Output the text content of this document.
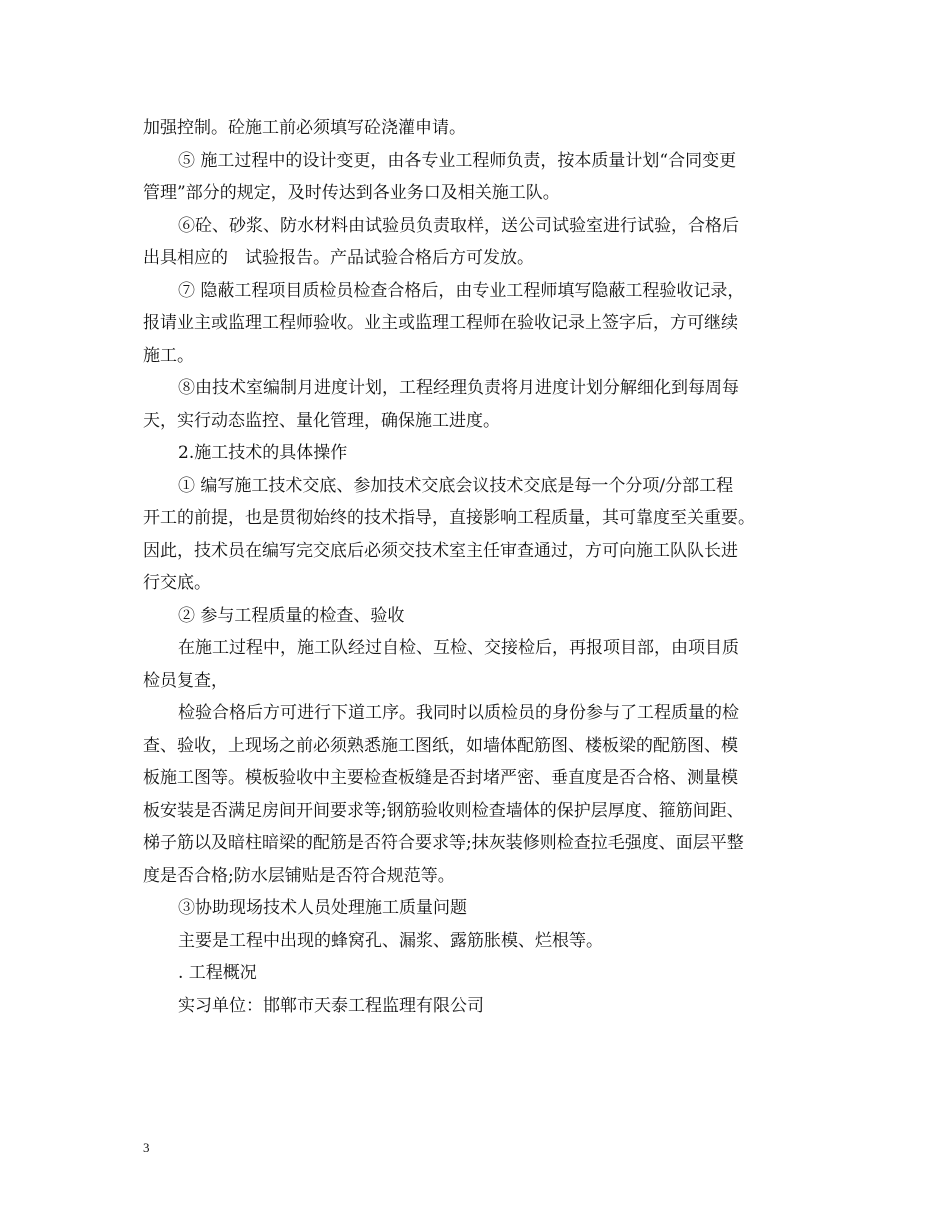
加强控制。砼施工前必须填写砼浇灌申请。
⑤ 施工过程中的设计变更，由各专业工程师负责，按本质量计划“合同变更
管理”部分的规定，及时传达到各业务口及相关施工队。
⑥砼、砂浆、防水材料由试验员负责取样，送公司试验室进行试验，合格后
出具相应的　试验报告。产品试验合格后方可发放。
⑦ 隐蔽工程项目质检员检查合格后，由专业工程师填写隐蔽工程验收记录，
报请业主或监理工程师验收。业主或监理工程师在验收记录上签字后，方可继续
施工。
⑧由技术室编制月进度计划，工程经理负责将月进度计划分解细化到每周每
天，实行动态监控、量化管理，确保施工进度。
2.施工技术的具体操作
① 编写施工技术交底、参加技术交底会议技术交底是每一个分项/分部工程
开工的前提，也是贯彻始终的技术指导，直接影响工程质量，其可靠度至关重要。
因此，技术员在编写完交底后必须交技术室主任审查通过，方可向施工队队长进
行交底。
② 参与工程质量的检查、验收
在施工过程中，施工队经过自检、互检、交接检后，再报项目部，由项目质
检员复查，
检验合格后方可进行下道工序。我同时以质检员的身份参与了工程质量的检
查、验收，上现场之前必须熟悉施工图纸，如墙体配筋图、楼板梁的配筋图、模
板施工图等。模板验收中主要检查板缝是否封堵严密、垂直度是否合格、测量模
板安装是否满足房间开间要求等;钢筋验收则检查墙体的保护层厚度、箍筋间距、
梯子筋以及暗柱暗梁的配筋是否符合要求等;抹灰装修则检查拉毛强度、面层平整
度是否合格;防水层铺贴是否符合规范等。
③协助现场技术人员处理施工质量问题
主要是工程中出现的蜂窝孔、漏浆、露筋胀模、烂根等。
. 工程概况
实习单位：邯郸市天泰工程监理有限公司
3
